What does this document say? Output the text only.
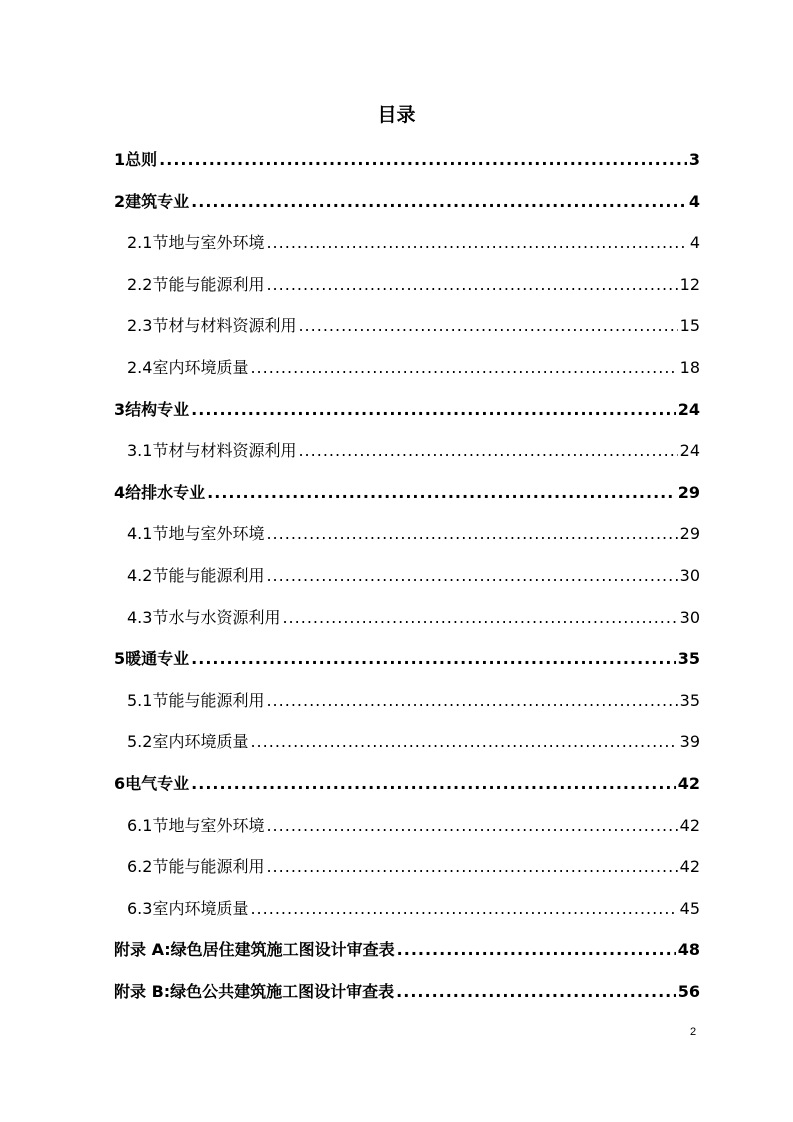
目录
1 总则 .....	3
2 建筑专业 .....	4
2.1 节地与室外环境 .....	4
2.2 节能与能源利用 .....	12
2.3 节材与材料资源利用 .....	15
2.4 室内环境质量 .....	18
3 结构专业 .....	24
3.1 节材与材料资源利用 .....	24
4 给排水专业 .....	29
4.1 节地与室外环境 .....	29
4.2 节能与能源利用 .....	30
4.3 节水与水资源利用 .....	30
5 暖通专业 .....	35
5.1 节能与能源利用 .....	35
5.2 室内环境质量 .....	39
6 电气专业 .....	42
6.1 节地与室外环境 .....	42
6.2 节能与能源利用 .....	42
6.3 室内环境质量 .....	45
附录 A:绿色居住建筑施工图设计审查表 .....	48
附录 B:绿色公共建筑施工图设计审查表 .....	56
2
